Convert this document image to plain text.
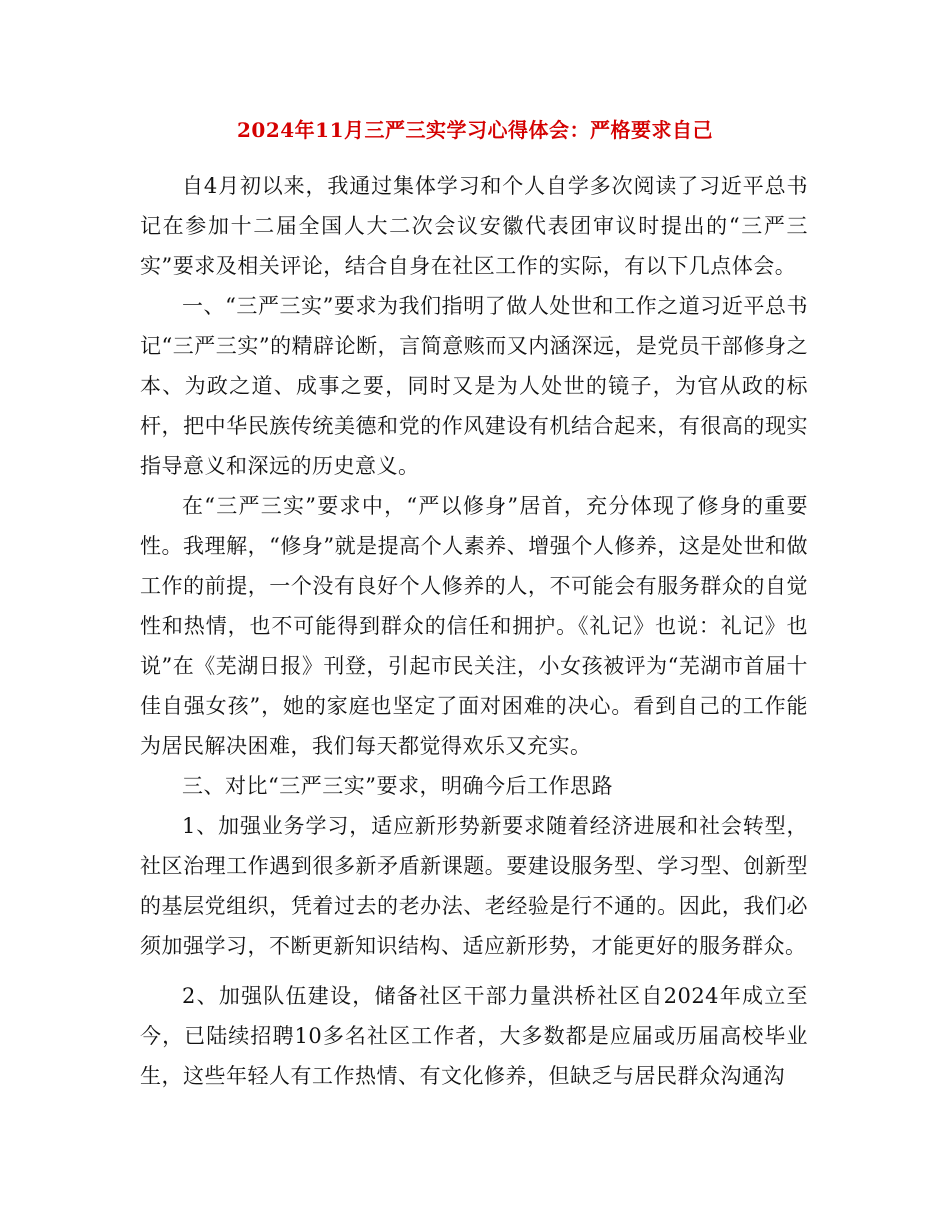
2024年11月三严三实学习心得体会：严格要求自己

自4月初以来，我通过集体学习和个人自学多次阅读了习近平总书记在参加十二届全国人大二次会议安徽代表团审议时提出的“三严三实”要求及相关评论，结合自身在社区工作的实际，有以下几点体会。

一、“三严三实”要求为我们指明了做人处世和工作之道习近平总书记“三严三实”的精辟论断，言简意赅而又内涵深远，是党员干部修身之本、为政之道、成事之要，同时又是为人处世的镜子，为官从政的标杆，把中华民族传统美德和党的作风建设有机结合起来，有很高的现实指导意义和深远的历史意义。

在“三严三实”要求中，“严以修身”居首，充分体现了修身的重要性。我理解，“修身”就是提高个人素养、增强个人修养，这是处世和做工作的前提，一个没有良好个人修养的人，不可能会有服务群众的自觉性和热情，也不可能得到群众的信任和拥护。《礼记》也说：礼记》也说”在《芜湖日报》刊登，引起市民关注，小女孩被评为“芜湖市首届十佳自强女孩”，她的家庭也坚定了面对困难的决心。看到自己的工作能为居民解决困难，我们每天都觉得欢乐又充实。

三、对比“三严三实”要求，明确今后工作思路

1、加强业务学习，适应新形势新要求随着经济进展和社会转型，社区治理工作遇到很多新矛盾新课题。要建设服务型、学习型、创新型的基层党组织，凭着过去的老办法、老经验是行不通的。因此，我们必须加强学习，不断更新知识结构、适应新形势，才能更好的服务群众。

2、加强队伍建设，储备社区干部力量洪桥社区自2024年成立至今，已陆续招聘10多名社区工作者，大多数都是应届或历届高校毕业生，这些年轻人有工作热情、有文化修养，但缺乏与居民群众沟通沟
